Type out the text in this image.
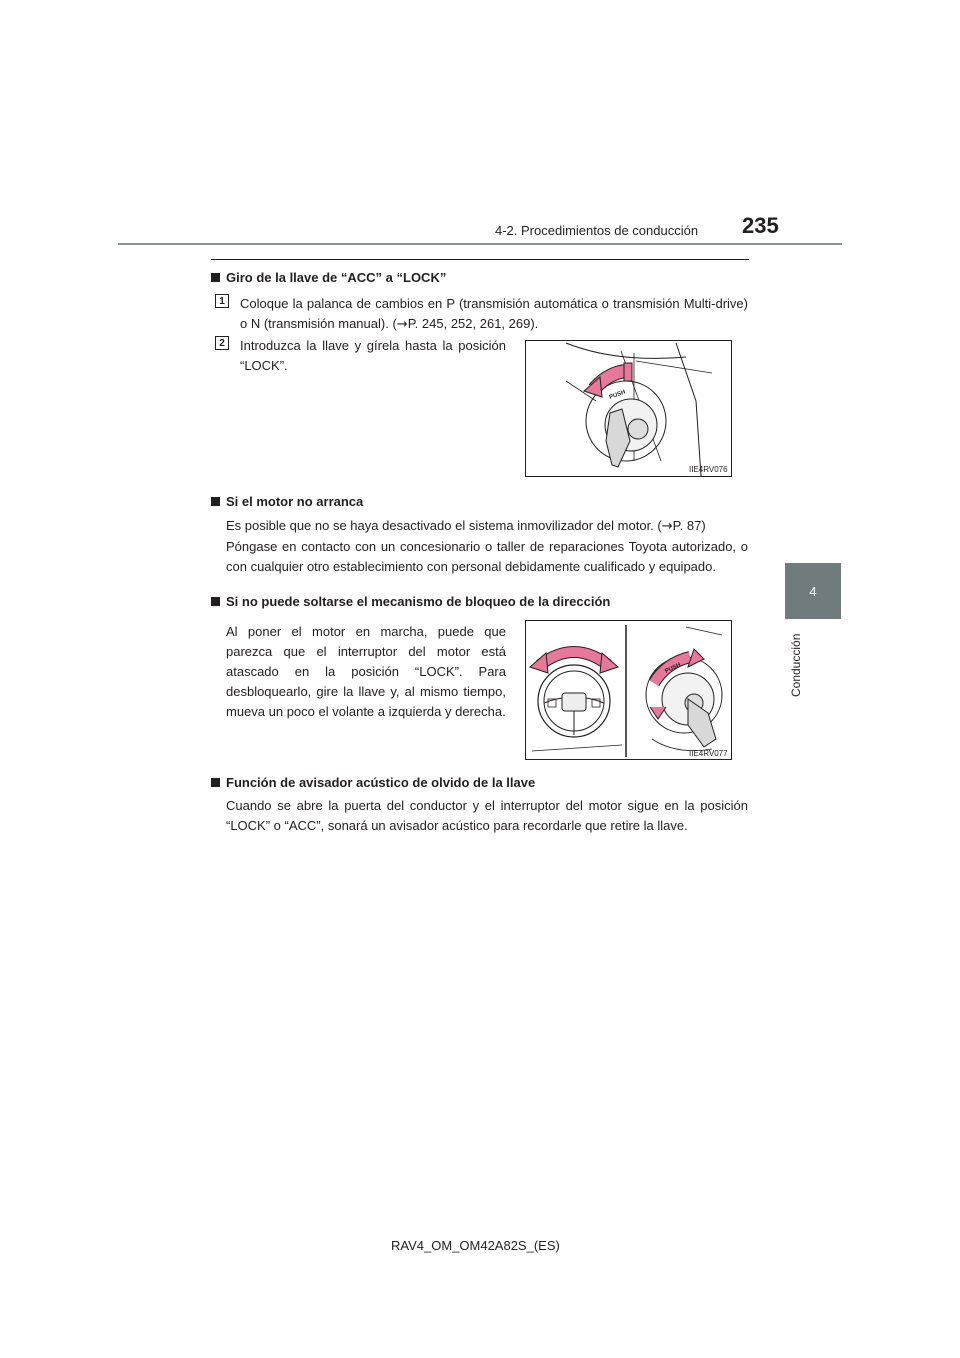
4-2. Procedimientos de conducción 235
4
Conducción
Giro de la llave de “ACC” a “LOCK”
1 Coloque la palanca de cambios en P (transmisión automática o transmisión Multi-drive) o N (transmisión manual). (→P. 245, 252, 261, 269).
2 Introduzca la llave y gírela hasta la posición “LOCK”.
PUSH
IIE4RV076
Si el motor no arranca
Es posible que no se haya desactivado el sistema inmovilizador del motor. (→P. 87)
Póngase en contacto con un concesionario o taller de reparaciones Toyota autorizado, o con cualquier otro establecimiento con personal debidamente cualificado y equipado.
Si no puede soltarse el mecanismo de bloqueo de la dirección
Al poner el motor en marcha, puede que parezca que el interruptor del motor está atascado en la posición “LOCK”. Para desbloquearlo, gire la llave y, al mismo tiempo, mueva un poco el volante a izquierda y derecha.
PUSH
IIE4RV077
Función de avisador acústico de olvido de la llave
Cuando se abre la puerta del conductor y el interruptor del motor sigue en la posición “LOCK” o “ACC”, sonará un avisador acústico para recordarle que retire la llave.
RAV4_OM_OM42A82S_(ES)
